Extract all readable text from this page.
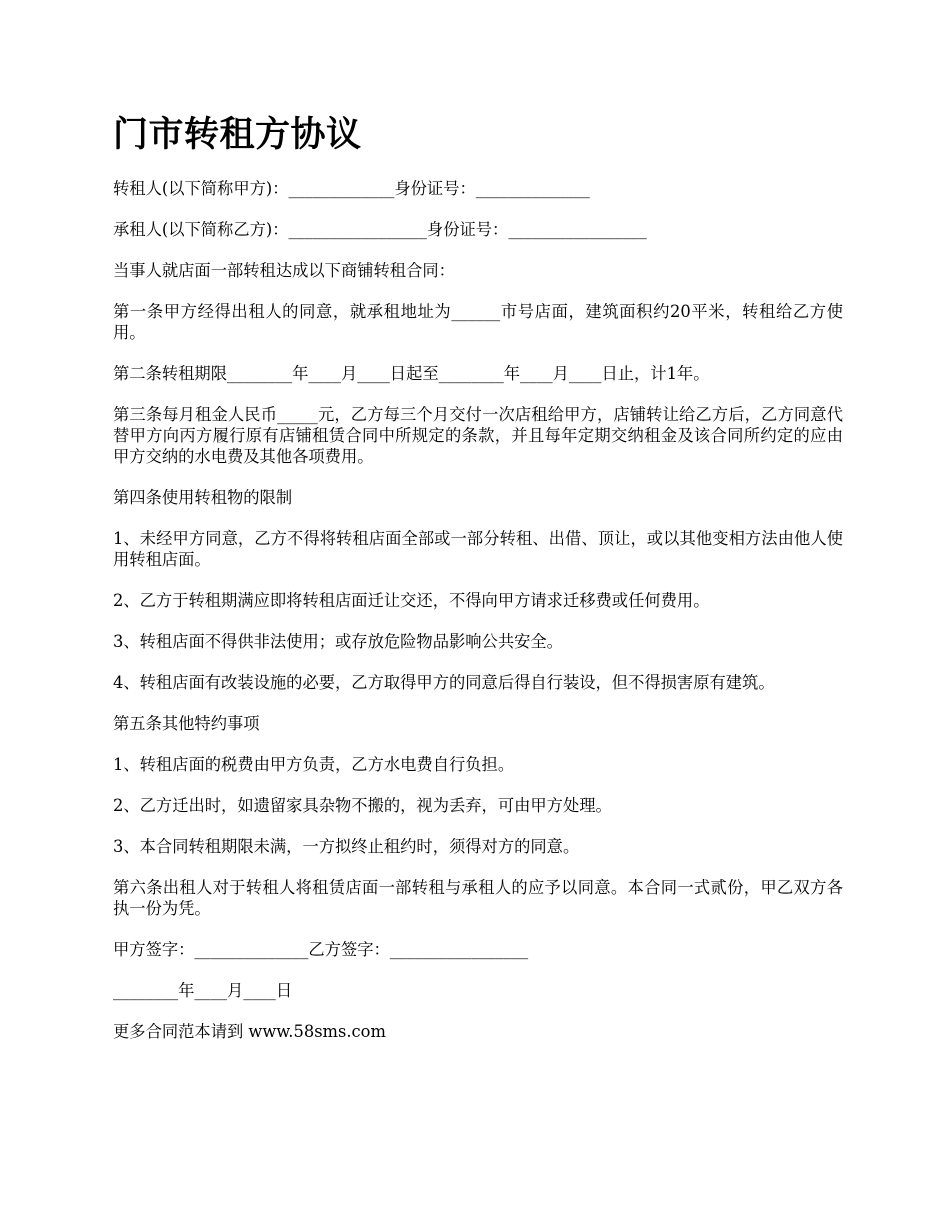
门市转租方协议

转租人(以下简称甲方)：_____________身份证号：______________

承租人(以下简称乙方)：_________________身份证号：_________________

当事人就店面一部转租达成以下商铺转租合同：

第一条甲方经得出租人的同意，就承租地址为______市号店面，建筑面积约20平米，转租给乙方使用。

第二条转租期限________年____月____日起至________年____月____日止，计1年。

第三条每月租金人民币_____元，乙方每三个月交付一次店租给甲方，店铺转让给乙方后，乙方同意代替甲方向丙方履行原有店铺租赁合同中所规定的条款，并且每年定期交纳租金及该合同所约定的应由甲方交纳的水电费及其他各项费用。

第四条使用转租物的限制

1、未经甲方同意，乙方不得将转租店面全部或一部分转租、出借、顶让，或以其他变相方法由他人使用转租店面。

2、乙方于转租期满应即将转租店面迁让交还，不得向甲方请求迁移费或任何费用。

3、转租店面不得供非法使用；或存放危险物品影响公共安全。

4、转租店面有改装设施的必要，乙方取得甲方的同意后得自行装设，但不得损害原有建筑。

第五条其他特约事项

1、转租店面的税费由甲方负责，乙方水电费自行负担。

2、乙方迁出时，如遗留家具杂物不搬的，视为丢弃，可由甲方处理。

3、本合同转租期限未满，一方拟终止租约时，须得对方的同意。

第六条出租人对于转租人将租赁店面一部转租与承租人的应予以同意。本合同一式贰份，甲乙双方各执一份为凭。

甲方签字：______________乙方签字：_________________

________年____月____日

更多合同范本请到 www.58sms.com
